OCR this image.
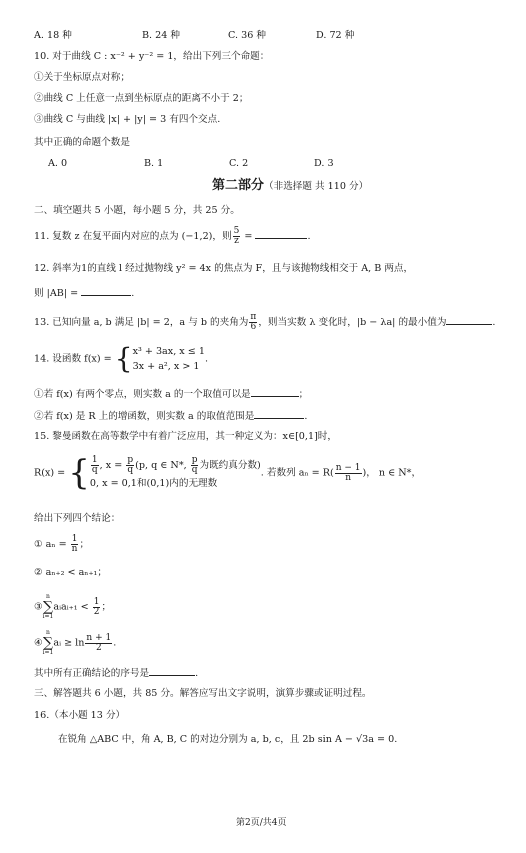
A. 18 种	B. 24 种	C. 36 种	D. 72 种
10. 对于曲线 C : x⁻² + y⁻² = 1，给出下列三个命题：
①关于坐标原点对称；
②曲线 C 上任意一点到坐标原点的距离不小于 2；
③曲线 C 与曲线 |x| + |y| = 3 有四个交点.
其中正确的命题个数是
A. 0	B. 1	C. 2	D. 3
第二部分（非选择题 共 110 分）
二、填空题共 5 小题，每小题 5 分，共 25 分。
11. 复数 z 在复平面内对应的点为 (−1,2)，则 $\frac{5}{z}$ =	.
12. 斜率为1的直线 l 经过抛物线 y² = 4x 的焦点为 F，且与该抛物线相交于 A, B 两点，
则 |AB| =	.
13. 已知向量 a, b 满足 |b| = 2，a 与 b 的夹角为 $\frac{\pi}{6}$ ，则当实数 λ 变化时，|b − λa| 的最小值为	.
14. 设函数 f(x) = { x³ + 3ax, x ≤ 1
3x + a², x > 1
.
①若 f(x) 有两个零点，则实数 a 的一个取值可以是	；
②若 f(x) 是 R 上的增函数，则实数 a 的取值范围是	.
15. 黎曼函数在高等数学中有着广泛应用，其一种定义为：x∈[0,1]时，
R(x) = { $\frac{1}{q}$ , $x = \frac{p}{q} (p$, q ∈ N*, $\frac{p}{q}$ 为既约真分数)
0, x = 0,1和(0,1)内的无理数
. 若数列 $a_n = R( \frac{n - 1}{n}$ )， n ∈ N*，
给出下列四个结论：
① $a_n = \frac{1}{n}$ ；
② aₙ₊₂ < aₙ₊₁；
③
n
∑
i=1
aᵢaᵢ₊₁ < $\frac{1}{2}$ ；
④
n
∑
i=1
aᵢ ≥ $\ln \frac{n + 1}{2}$ .
其中所有正确结论的序号是	.
三、解答题共 6 小题，共 85 分。解答应写出文字说明，演算步骤或证明过程。
16.（本小题 13 分）
在锐角 △ABC 中，角 A, B, C 的对边分别为 a, b, c，且 2b sin A − √3a = 0.
第2页/共4页
